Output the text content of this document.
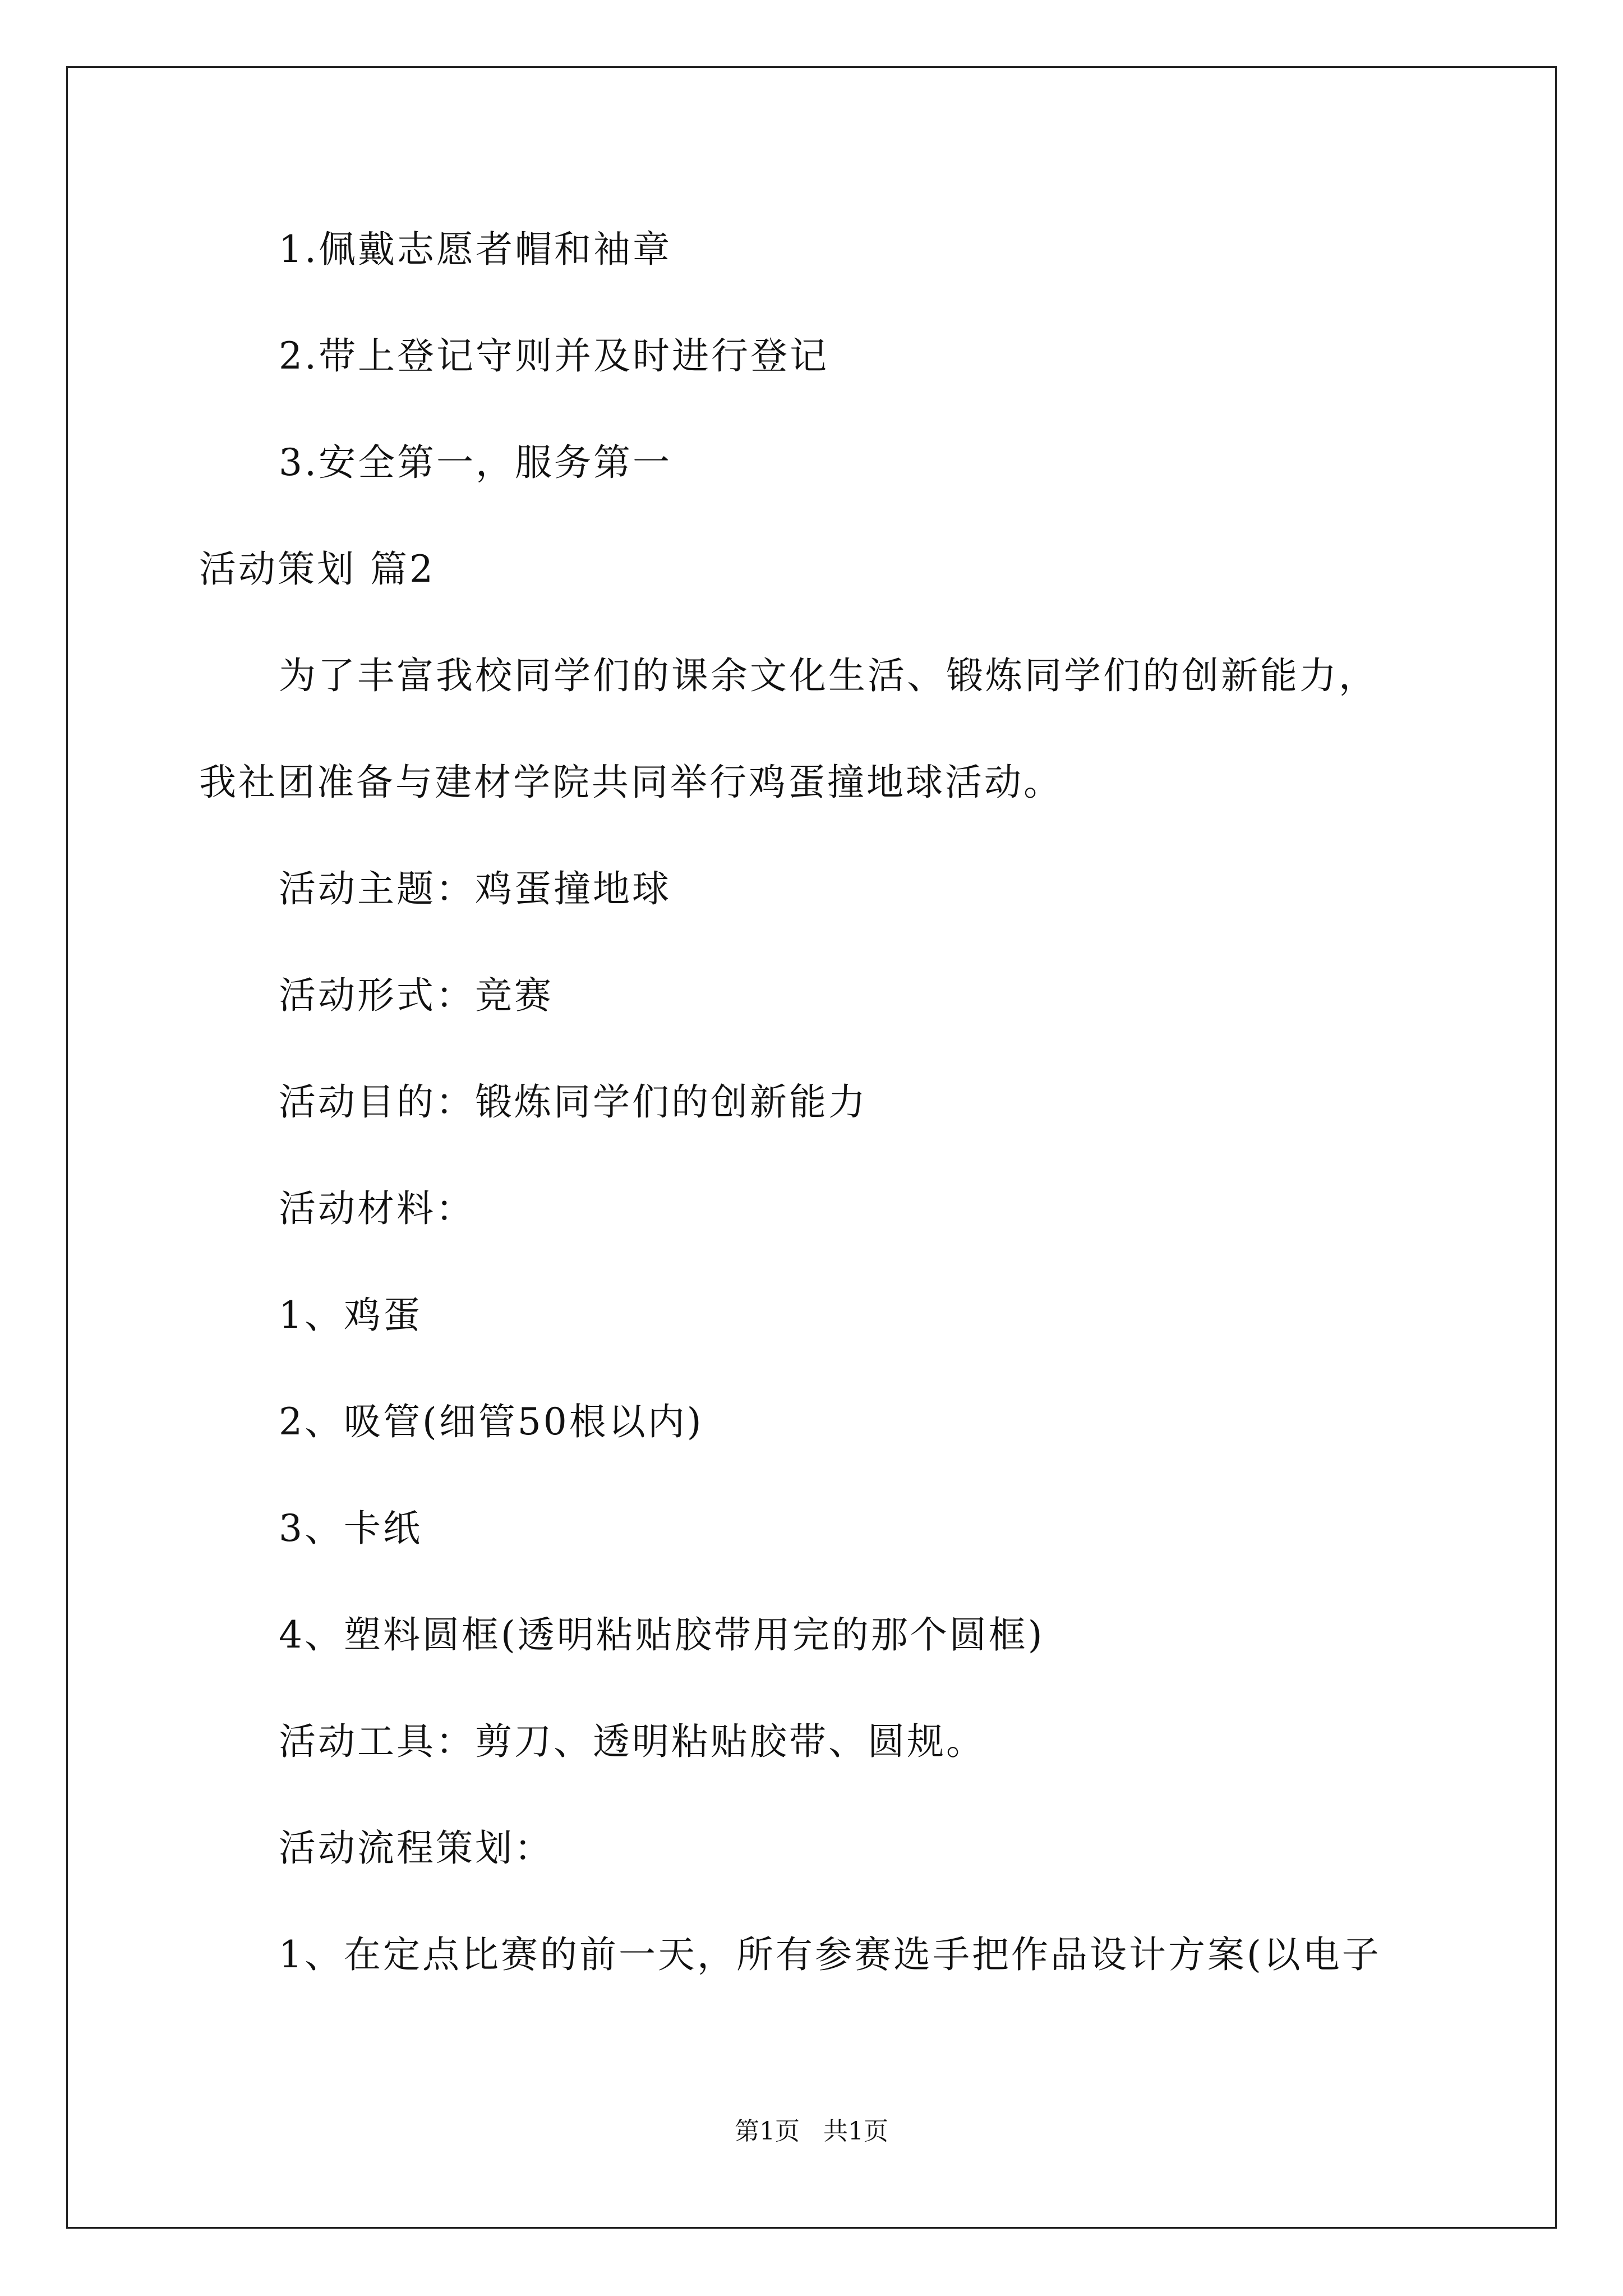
1.佩戴志愿者帽和袖章
2.带上登记守则并及时进行登记
3.安全第一，服务第一
活动策划 篇2
为了丰富我校同学们的课余文化生活、锻炼同学们的创新能力，
我社团准备与建材学院共同举行鸡蛋撞地球活动。
活动主题：鸡蛋撞地球
活动形式：竞赛
活动目的：锻炼同学们的创新能力
活动材料：
1、鸡蛋
2、吸管(细管50根以内)
3、卡纸
4、塑料圆框(透明粘贴胶带用完的那个圆框)
活动工具：剪刀、透明粘贴胶带、圆规。
活动流程策划：
1、在定点比赛的前一天，所有参赛选手把作品设计方案(以电子
第1页   共1页
